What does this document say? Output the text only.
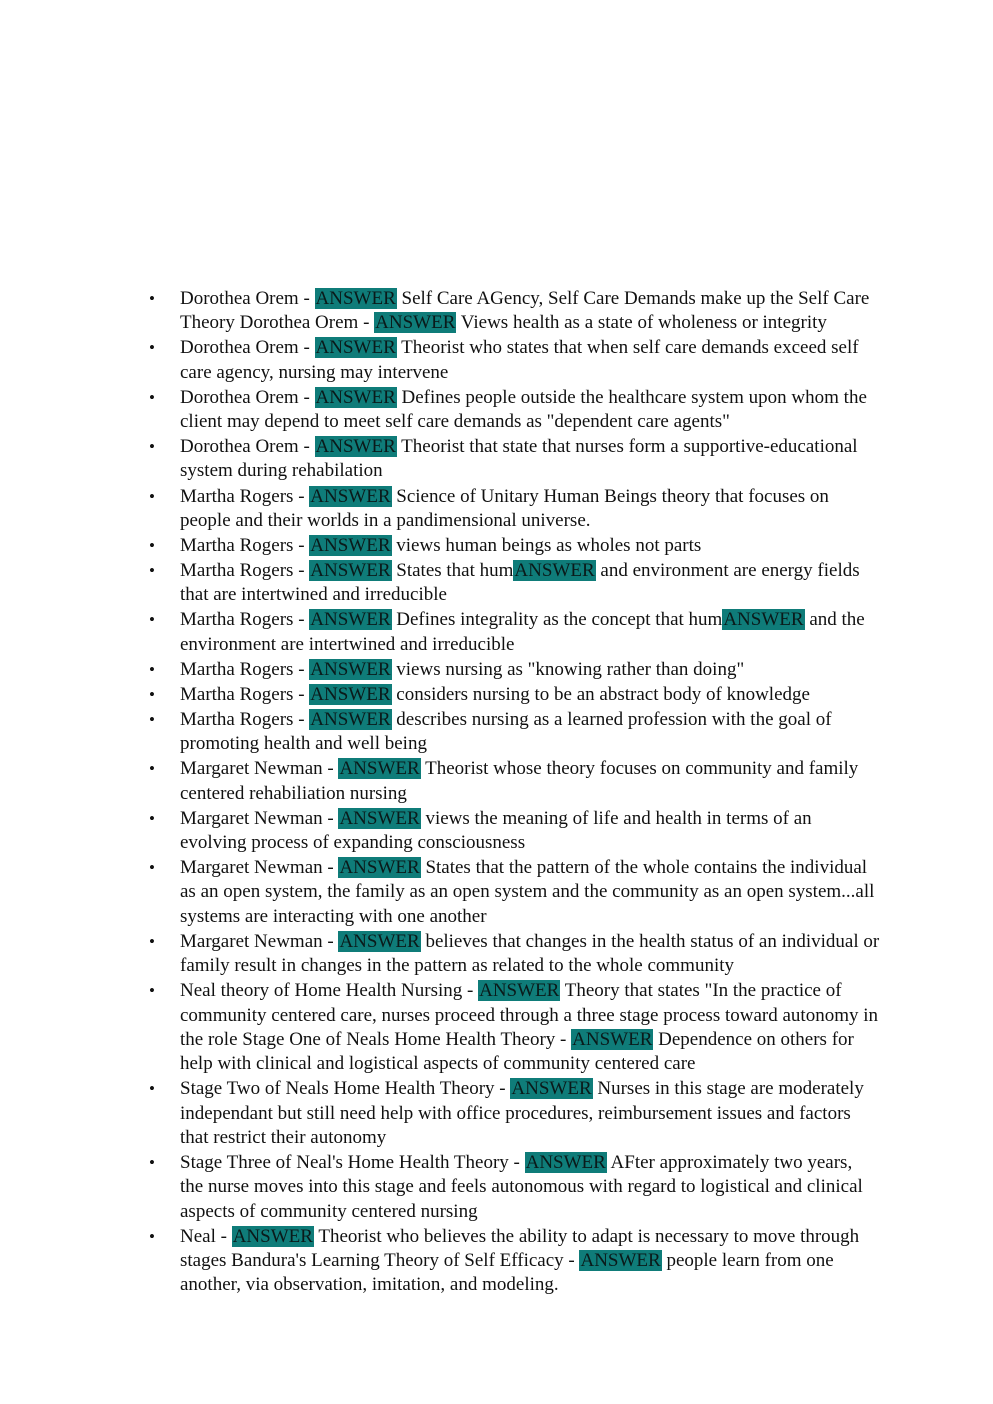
• Dorothea Orem - ANSWER Self Care AGency, Self Care Demands make up the Self Care Theory Dorothea Orem - ANSWER Views health as a state of wholeness or integrity
• Dorothea Orem - ANSWER Theorist who states that when self care demands exceed self care agency, nursing may intervene
• Dorothea Orem - ANSWER Defines people outside the healthcare system upon whom the client may depend to meet self care demands as "dependent care agents"
• Dorothea Orem - ANSWER Theorist that state that nurses form a supportive-educational system during rehabilation
• Martha Rogers - ANSWER Science of Unitary Human Beings theory that focuses on people and their worlds in a pandimensional universe.
• Martha Rogers - ANSWER views human beings as wholes not parts
• Martha Rogers - ANSWER States that humANSWER and environment are energy fields that are intertwined and irreducible
• Martha Rogers - ANSWER Defines integrality as the concept that humANSWER and the environment are intertwined and irreducible
• Martha Rogers - ANSWER views nursing as "knowing rather than doing"
• Martha Rogers - ANSWER considers nursing to be an abstract body of knowledge
• Martha Rogers - ANSWER describes nursing as a learned profession with the goal of promoting health and well being
• Margaret Newman - ANSWER Theorist whose theory focuses on community and family centered rehabiliation nursing
• Margaret Newman - ANSWER views the meaning of life and health in terms of an evolving process of expanding consciousness
• Margaret Newman - ANSWER States that the pattern of the whole contains the individual as an open system, the family as an open system and the community as an open system...all systems are interacting with one another
• Margaret Newman - ANSWER believes that changes in the health status of an individual or family result in changes in the pattern as related to the whole community
• Neal theory of Home Health Nursing - ANSWER Theory that states "In the practice of community centered care, nurses proceed through a three stage process toward autonomy in the role Stage One of Neals Home Health Theory - ANSWER Dependence on others for help with clinical and logistical aspects of community centered care
• Stage Two of Neals Home Health Theory - ANSWER Nurses in this stage are moderately independant but still need help with office procedures, reimbursement issues and factors that restrict their autonomy
• Stage Three of Neal's Home Health Theory - ANSWER AFter approximately two years, the nurse moves into this stage and feels autonomous with regard to logistical and clinical aspects of community centered nursing
• Neal - ANSWER Theorist who believes the ability to adapt is necessary to move through stages Bandura's Learning Theory of Self Efficacy - ANSWER people learn from one another, via observation, imitation, and modeling.
